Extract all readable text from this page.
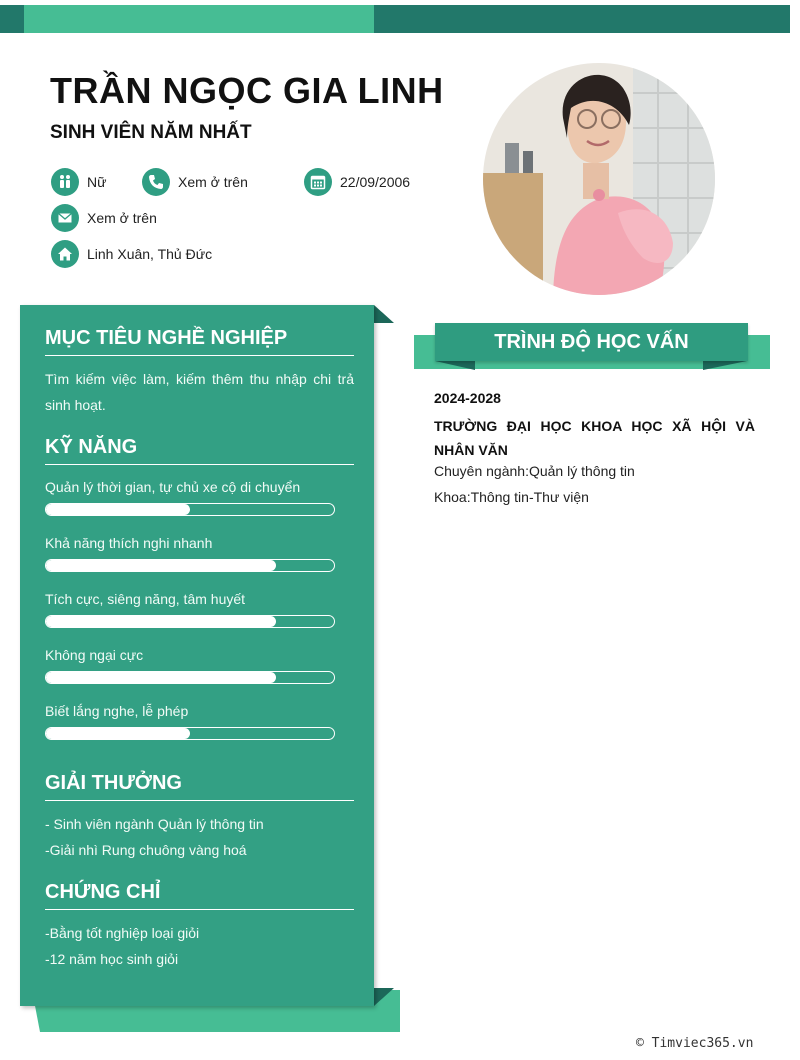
TRẦN NGỌC GIA LINH
SINH VIÊN NĂM NHẤT
Nữ	Xem ở trên	22/09/2006
Xem ở trên
Linh Xuân, Thủ Đức
MỤC TIÊU NGHỀ NGHIỆP

Tìm kiếm việc làm, kiếm thêm thu nhập chi trả sinh hoạt.

KỸ NĂNG
Quản lý thời gian, tự chủ xe cộ di chuyển
Khả năng thích nghi nhanh
Tích cực, siêng năng, tâm huyết
Không ngại cực
Biết lắng nghe, lễ phép
GIẢI THƯỞNG
- Sinh viên ngành Quản lý thông tin
-Giải nhì Rung chuông vàng hoá
CHỨNG CHỈ
-Bằng tốt nghiệp loại giỏi
-12 năm học sinh giỏi
TRÌNH ĐỘ HỌC VẤN
2024-2028
TRƯỜNG ĐẠI HỌC KHOA HỌC XÃ HỘI VÀ NHÂN VĂN
Chuyên ngành:Quản lý thông tin
Khoa:Thông tin-Thư viện
© Timviec365.vn
